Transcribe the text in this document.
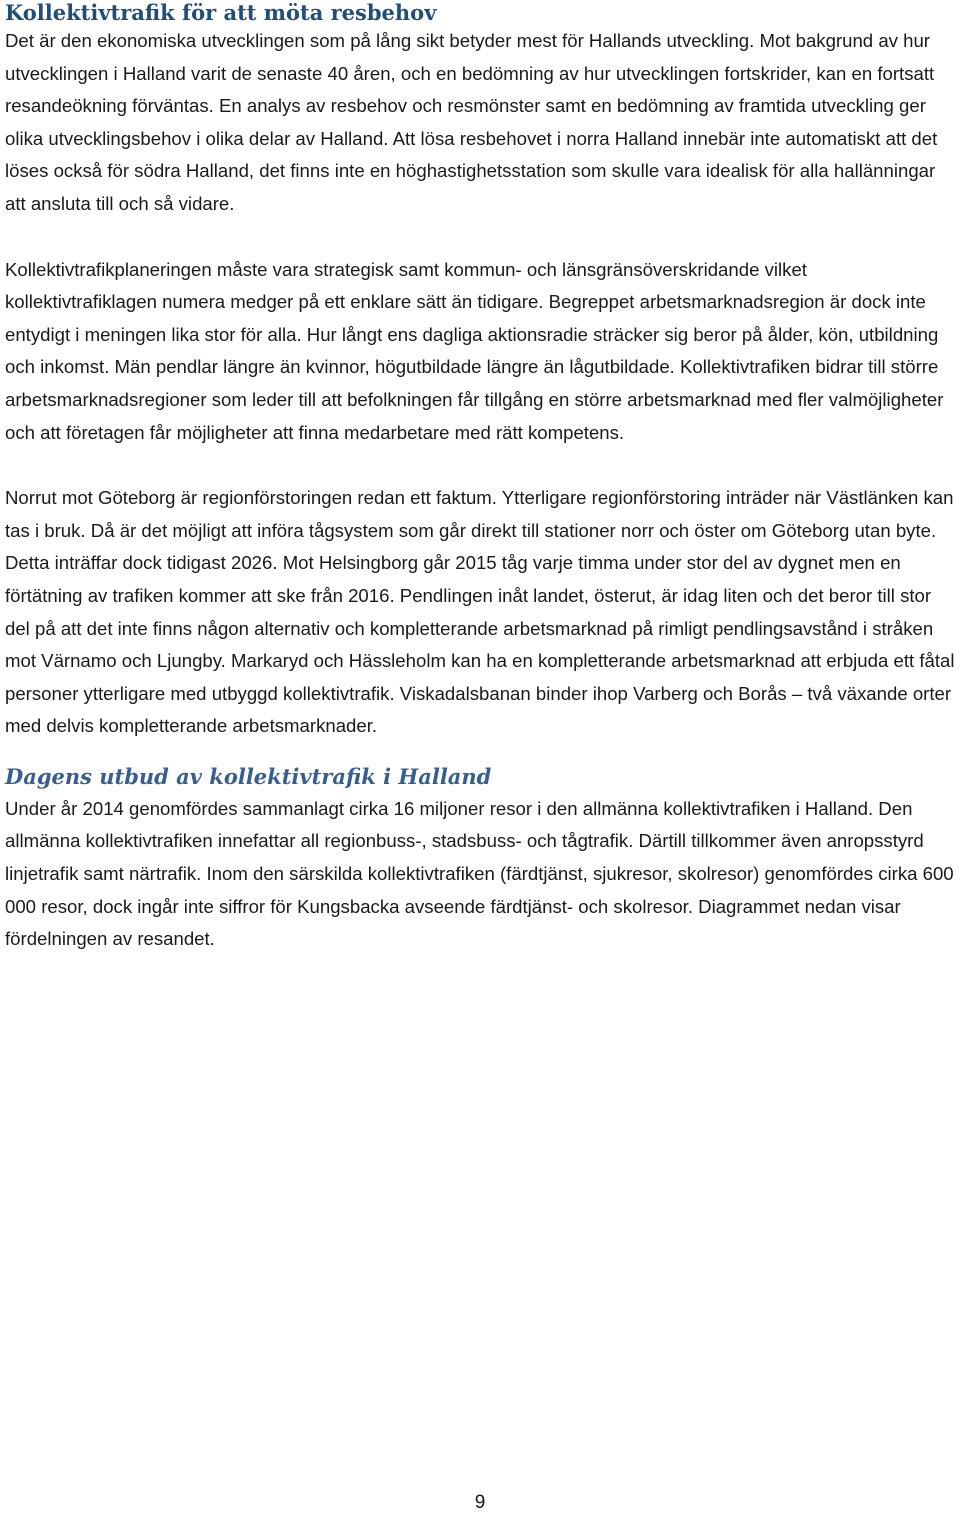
Kollektivtrafik för att möta resbehov

Det är den ekonomiska utvecklingen som på lång sikt betyder mest för Hallands utveckling. Mot bakgrund av hur utvecklingen i Halland varit de senaste 40 åren, och en bedömning av hur utvecklingen fortskrider, kan en fortsatt resandeökning förväntas. En analys av resbehov och resmönster samt en bedömning av framtida utveckling ger olika utvecklingsbehov i olika delar av Halland. Att lösa resbehovet i norra Halland innebär inte automatiskt att det löses också för södra Halland, det finns inte en höghastighetsstation som skulle vara idealisk för alla hallänningar att ansluta till och så vidare.

Kollektivtrafikplaneringen måste vara strategisk samt kommun- och länsgränsöverskridande vilket kollektivtrafiklagen numera medger på ett enklare sätt än tidigare. Begreppet arbetsmarknadsregion är dock inte entydigt i meningen lika stor för alla. Hur långt ens dagliga aktionsradie sträcker sig beror på ålder, kön, utbildning och inkomst. Män pendlar längre än kvinnor, högutbildade längre än lågutbildade. Kollektivtrafiken bidrar till större arbetsmarknadsregioner som leder till att befolkningen får tillgång en större arbetsmarknad med fler valmöjligheter och att företagen får möjligheter att finna medarbetare med rätt kompetens.

Norrut mot Göteborg är regionförstoringen redan ett faktum. Ytterligare regionförstoring inträder när Västlänken kan tas i bruk. Då är det möjligt att införa tågsystem som går direkt till stationer norr och öster om Göteborg utan byte. Detta inträffar dock tidigast 2026. Mot Helsingborg går 2015 tåg varje timma under stor del av dygnet men en förtätning av trafiken kommer att ske från 2016. Pendlingen inåt landet, österut, är idag liten och det beror till stor del på att det inte finns någon alternativ och kompletterande arbetsmarknad på rimligt pendlingsavstånd i stråken mot Värnamo och Ljungby. Markaryd och Hässleholm kan ha en kompletterande arbetsmarknad att erbjuda ett fåtal personer ytterligare med utbyggd kollektivtrafik. Viskadalsbanan binder ihop Varberg och Borås – två växande orter med delvis kompletterande arbetsmarknader.

Dagens utbud av kollektivtrafik i Halland

Under år 2014 genomfördes sammanlagt cirka 16 miljoner resor i den allmänna kollektivtrafiken i Halland. Den allmänna kollektivtrafiken innefattar all regionbuss-, stadsbuss- och tågtrafik. Därtill tillkommer även anropsstyrd linjetrafik samt närtrafik. Inom den särskilda kollektivtrafiken (färdtjänst, sjukresor, skolresor) genomfördes cirka 600 000 resor, dock ingår inte siffror för Kungsbacka avseende färdtjänst- och skolresor. Diagrammet nedan visar fördelningen av resandet.

9
